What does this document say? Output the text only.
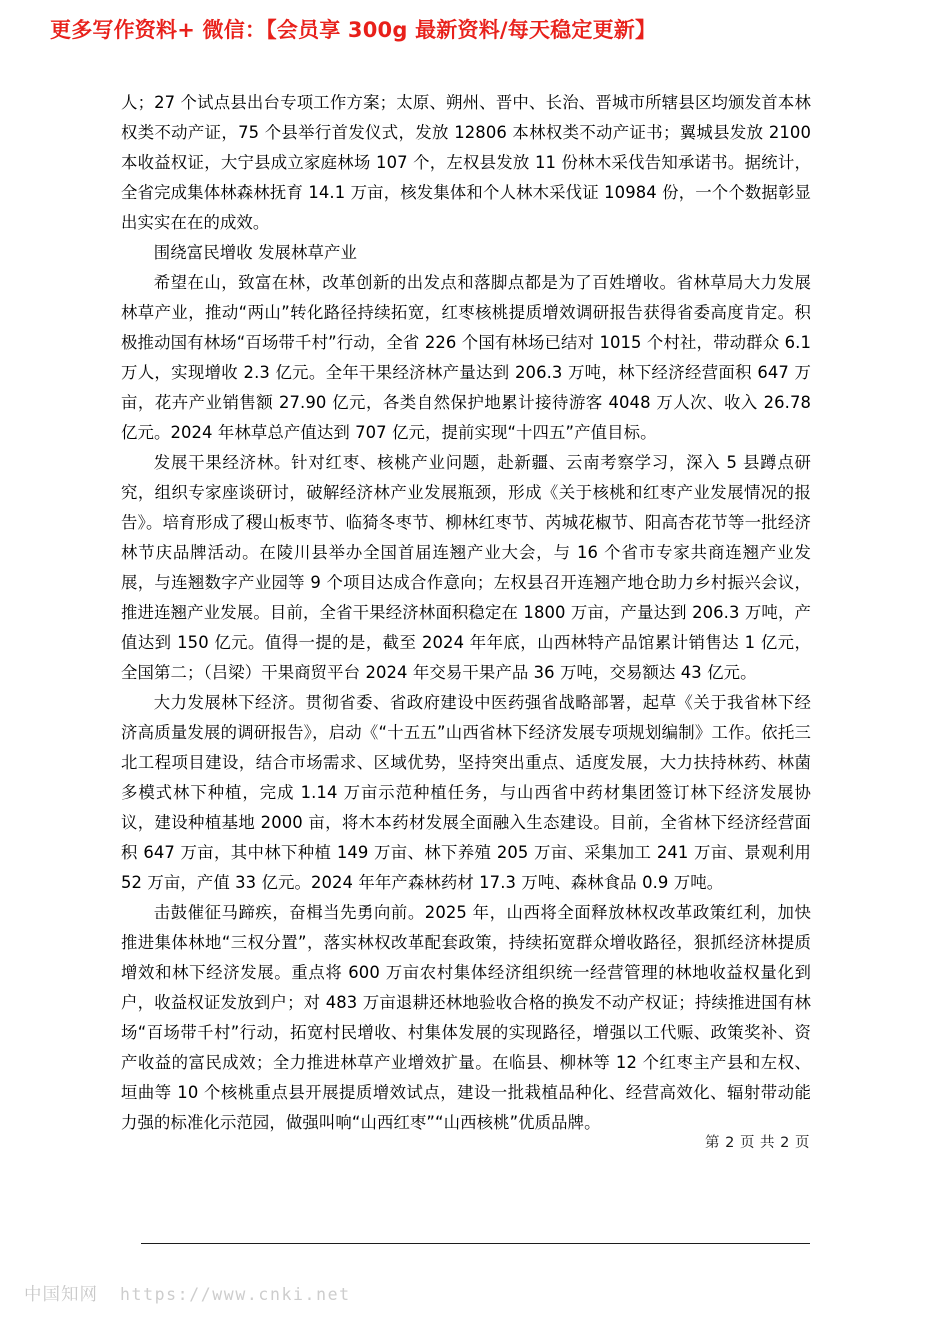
更多写作资料+ 微信：【会员享 300g 最新资料/每天稳定更新】

人；27 个试点县出台专项工作方案；太原、朔州、晋中、长治、晋城市所辖县区均颁发首本林权类不动产证，75 个县举行首发仪式，发放 12806 本林权类不动产证书；翼城县发放 2100 本收益权证，大宁县成立家庭林场 107 个，左权县发放 11 份林木采伐告知承诺书。据统计，全省完成集体林森林抚育 14.1 万亩，核发集体和个人林木采伐证 10984 份，一个个数据彰显出实实在在的成效。

围绕富民增收 发展林草产业

希望在山，致富在林，改革创新的出发点和落脚点都是为了百姓增收。省林草局大力发展林草产业，推动“两山”转化路径持续拓宽，红枣核桃提质增效调研报告获得省委高度肯定。积极推动国有林场“百场带千村”行动，全省 226 个国有林场已结对 1015 个村社，带动群众 6.1 万人，实现增收 2.3 亿元。全年干果经济林产量达到 206.3 万吨，林下经济经营面积 647 万亩，花卉产业销售额 27.90 亿元，各类自然保护地累计接待游客 4048 万人次、收入 26.78 亿元。2024 年林草总产值达到 707 亿元，提前实现“十四五”产值目标。

发展干果经济林。针对红枣、核桃产业问题，赴新疆、云南考察学习，深入 5 县蹲点研究，组织专家座谈研讨，破解经济林产业发展瓶颈，形成《关于核桃和红枣产业发展情况的报告》。培育形成了稷山板枣节、临猗冬枣节、柳林红枣节、芮城花椒节、阳高杏花节等一批经济林节庆品牌活动。在陵川县举办全国首届连翘产业大会，与 16 个省市专家共商连翘产业发展，与连翘数字产业园等 9 个项目达成合作意向；左权县召开连翘产地仓助力乡村振兴会议，推进连翘产业发展。目前，全省干果经济林面积稳定在 1800 万亩，产量达到 206.3 万吨，产值达到 150 亿元。值得一提的是，截至 2024 年年底，山西林特产品馆累计销售达 1 亿元，全国第二；（吕梁）干果商贸平台 2024 年交易干果产品 36 万吨，交易额达 43 亿元。

大力发展林下经济。贯彻省委、省政府建设中医药强省战略部署，起草《关于我省林下经济高质量发展的调研报告》，启动《“十五五”山西省林下经济发展专项规划编制》工作。依托三北工程项目建设，结合市场需求、区域优势，坚持突出重点、适度发展，大力扶持林药、林菌多模式林下种植，完成 1.14 万亩示范种植任务，与山西省中药材集团签订林下经济发展协议，建设种植基地 2000 亩，将木本药材发展全面融入生态建设。目前，全省林下经济经营面积 647 万亩，其中林下种植 149 万亩、林下养殖 205 万亩、采集加工 241 万亩、景观利用 52 万亩，产值 33 亿元。2024 年年产森林药材 17.3 万吨、森林食品 0.9 万吨。

击鼓催征马蹄疾，奋楫当先勇向前。2025 年，山西将全面释放林权改革政策红利，加快推进集体林地“三权分置”，落实林权改革配套政策，持续拓宽群众增收路径，狠抓经济林提质增效和林下经济发展。重点将 600 万亩农村集体经济组织统一经营管理的林地收益权量化到户，收益权证发放到户；对 483 万亩退耕还林地验收合格的换发不动产权证；持续推进国有林场“百场带千村”行动，拓宽村民增收、村集体发展的实现路径，增强以工代赈、政策奖补、资产收益的富民成效；全力推进林草产业增效扩量。在临县、柳林等 12 个红枣主产县和左权、垣曲等 10 个核桃重点县开展提质增效试点，建设一批栽植品种化、经营高效化、辐射带动能力强的标准化示范园，做强叫响“山西红枣”“山西核桃”优质品牌。

第 2 页 共 2 页
中国知网 https://www.cnki.net
